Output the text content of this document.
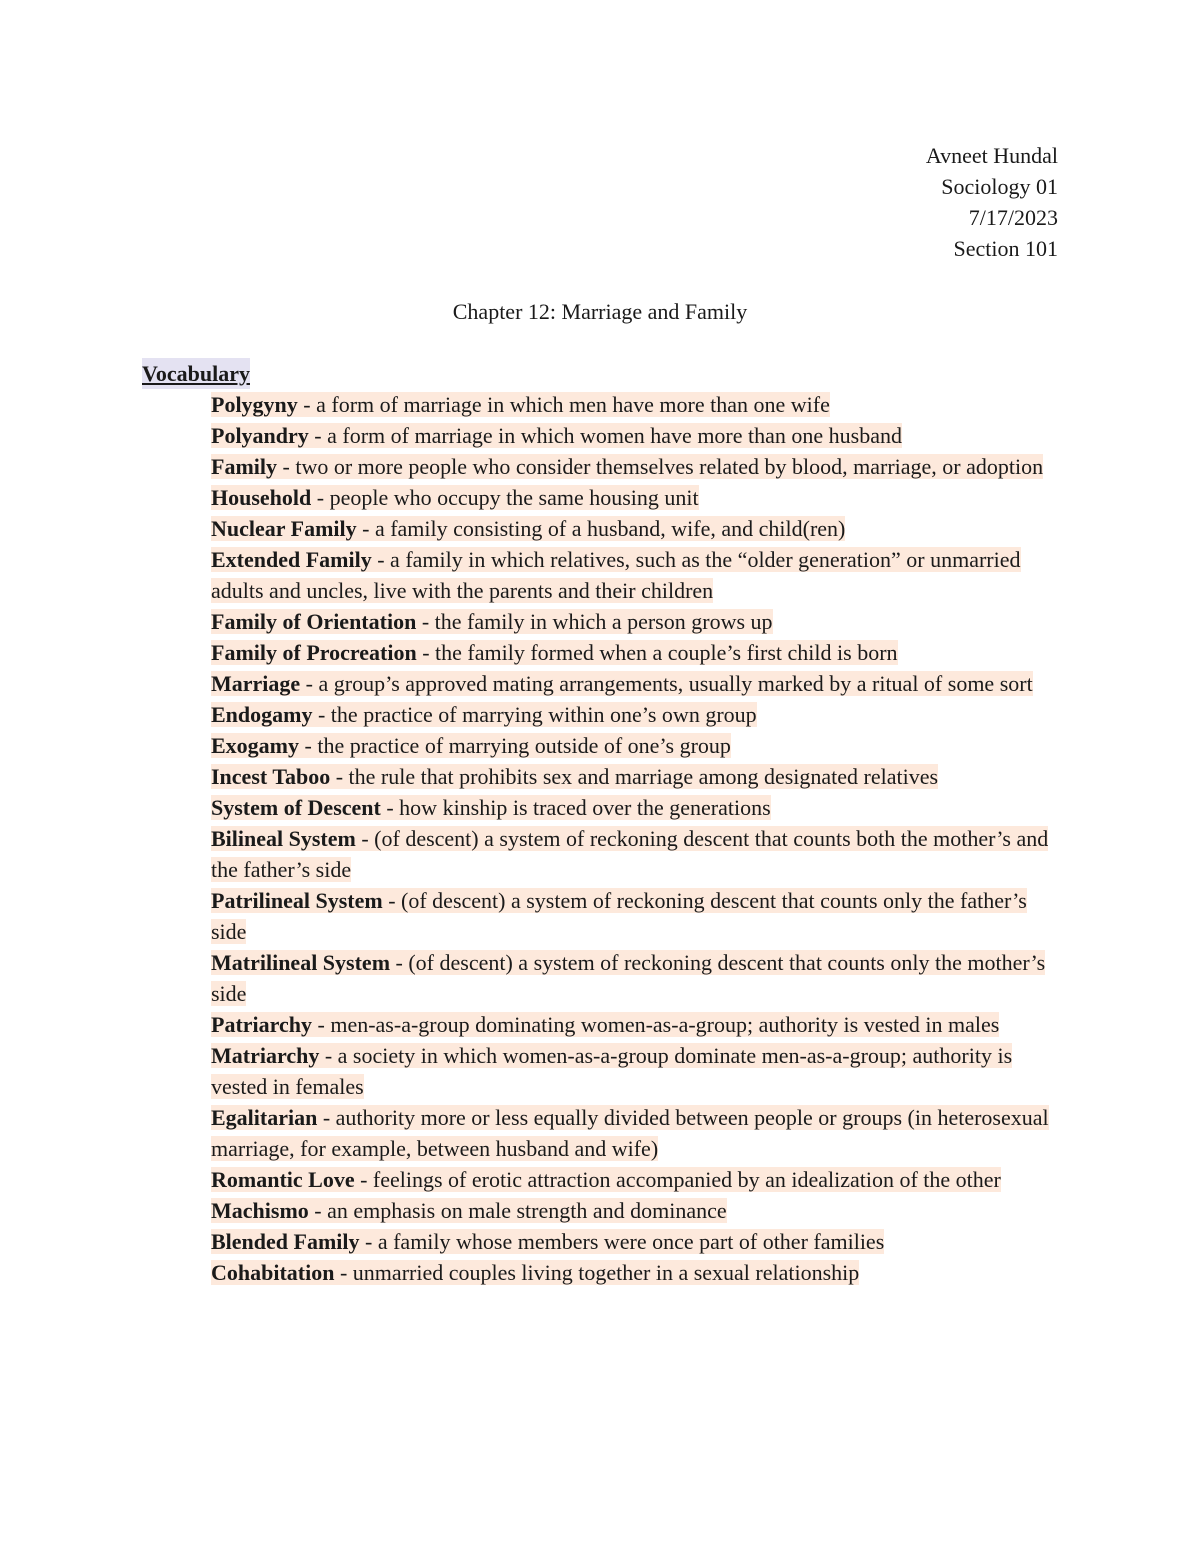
Avneet Hundal
Sociology 01
7/17/2023
Section 101
Chapter 12: Marriage and Family
Vocabulary
Polygyny - a form of marriage in which men have more than one wife
Polyandry - a form of marriage in which women have more than one husband
Family - two or more people who consider themselves related by blood, marriage, or adoption
Household - people who occupy the same housing unit
Nuclear Family - a family consisting of a husband, wife, and child(ren)
Extended Family - a family in which relatives, such as the “older generation” or unmarried adults and uncles, live with the parents and their children
Family of Orientation - the family in which a person grows up
Family of Procreation - the family formed when a couple’s first child is born
Marriage - a group’s approved mating arrangements, usually marked by a ritual of some sort
Endogamy - the practice of marrying within one’s own group
Exogamy - the practice of marrying outside of one’s group
Incest Taboo - the rule that prohibits sex and marriage among designated relatives
System of Descent - how kinship is traced over the generations
Bilineal System - (of descent) a system of reckoning descent that counts both the mother’s and the father’s side
Patrilineal System - (of descent) a system of reckoning descent that counts only the father’s side
Matrilineal System - (of descent) a system of reckoning descent that counts only the mother’s side
Patriarchy - men-as-a-group dominating women-as-a-group; authority is vested in males
Matriarchy - a society in which women-as-a-group dominate men-as-a-group; authority is vested in females
Egalitarian - authority more or less equally divided between people or groups (in heterosexual marriage, for example, between husband and wife)
Romantic Love - feelings of erotic attraction accompanied by an idealization of the other
Machismo - an emphasis on male strength and dominance
Blended Family - a family whose members were once part of other families
Cohabitation - unmarried couples living together in a sexual relationship
